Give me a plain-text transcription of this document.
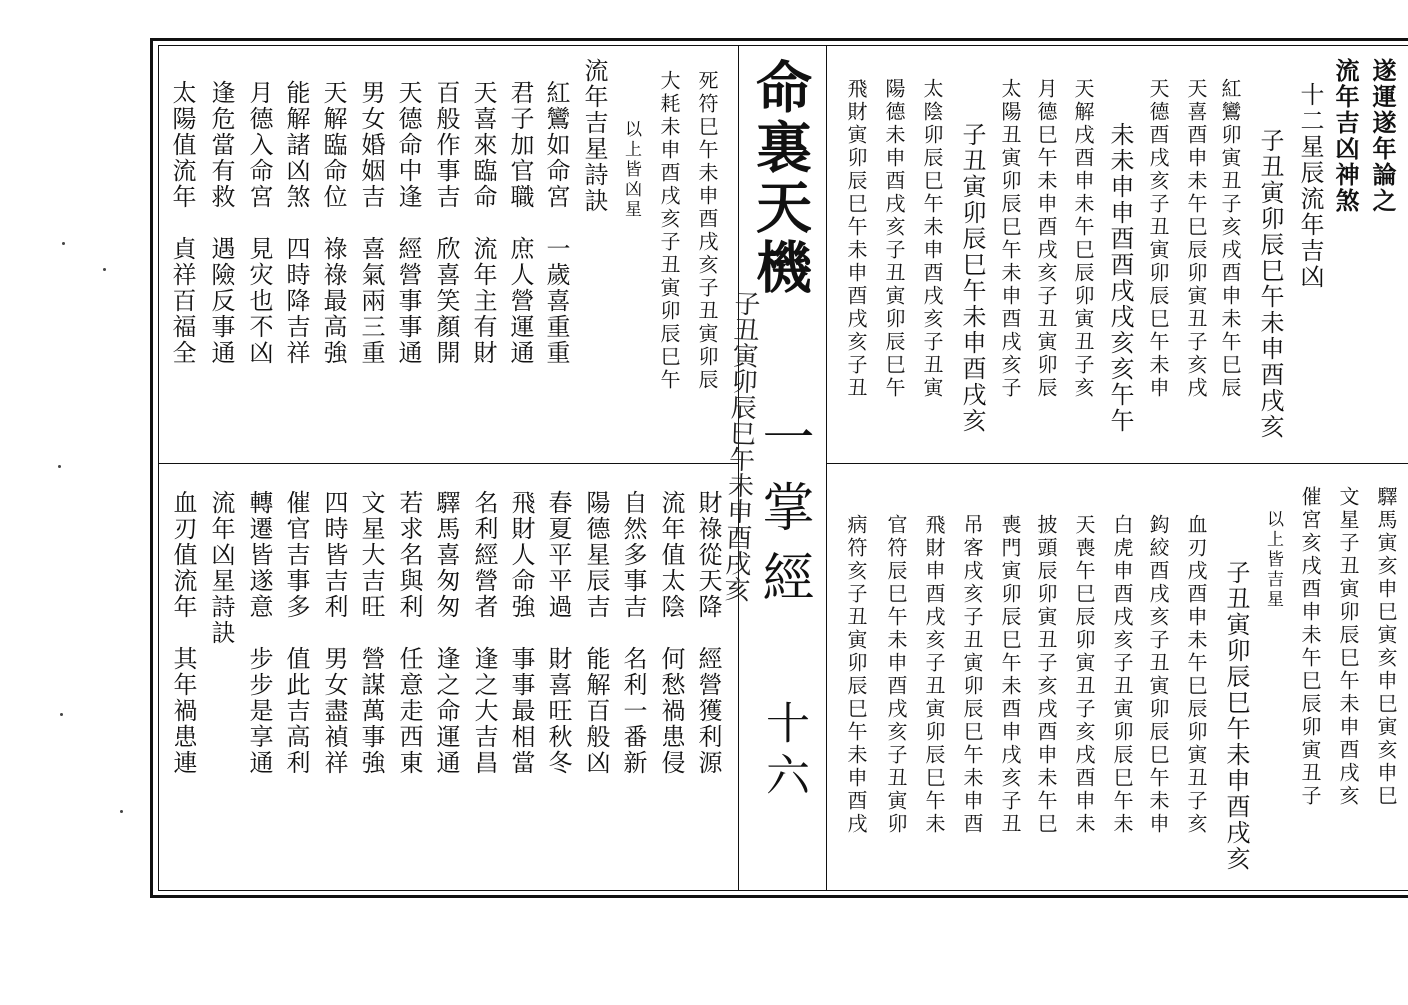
命裏天機
子丑寅卯辰巳午未申酉戌亥
一掌經
十六
遂運遂年論之
流年吉凶神煞
十二星辰流年吉凶
子丑寅卯辰巳午未申酉戌亥
紅鸞卯寅丑子亥戌酉申未午巳辰
天喜酉申未午巳辰卯寅丑子亥戌
天德酉戌亥子丑寅卯辰巳午未申
未未申申酉酉戌戌亥亥午午
天解戌酉申未午巳辰卯寅丑子亥
月德巳午未申酉戌亥子丑寅卯辰
太陽丑寅卯辰巳午未申酉戌亥子
子丑寅卯辰巳午未申酉戌亥
太陰卯辰巳午未申酉戌亥子丑寅
陽德未申酉戌亥子丑寅卯辰巳午
飛財寅卯辰巳午未申酉戌亥子丑
驛馬寅亥申巳寅亥申巳寅亥申巳
文星子丑寅卯辰巳午未申酉戌亥
催宮亥戌酉申未午巳辰卯寅丑子
以上皆吉星
子丑寅卯辰巳午未申酉戌亥
血刃戌酉申未午巳辰卯寅丑子亥
鈎絞酉戌亥子丑寅卯辰巳午未申
白虎申酉戌亥子丑寅卯辰巳午未
天喪午巳辰卯寅丑子亥戌酉申未
披頭辰卯寅丑子亥戌酉申未午巳
喪門寅卯辰巳午未酉申戌亥子丑
吊客戌亥子丑寅卯辰巳午未申酉
飛財申酉戌亥子丑寅卯辰巳午未
官符辰巳午未申酉戌亥子丑寅卯
病符亥子丑寅卯辰巳午未申酉戌
死符巳午未申酉戌亥子丑寅卯辰
大耗未申酉戌亥子丑寅卯辰巳午
以上皆凶星
流年吉星詩訣
紅鸞如命宮　一歲喜重重
君子加官職　庶人營運通
天喜來臨命　流年主有財
百般作事吉　欣喜笑顏開
天德命中逢　經營事事通
男女婚姻吉　喜氣兩三重
天解臨命位　祿祿最高強
能解諸凶煞　四時降吉祥
月德入命宮　見灾也不凶
逢危當有救　遇險反事通
太陽值流年　貞祥百福全
財祿從天降　經營獲利源
流年值太陰　何愁禍患侵
自然多事吉　名利一番新
陽德星辰吉　能解百般凶
春夏平平過　財喜旺秋冬
飛財人命強　事事最相當
名利經營者　逢之大吉昌
驛馬喜匆匆　逢之命運通
若求名與利　任意走西東
文星大吉旺　營謀萬事強
四時皆吉利　男女盡禎祥
催官吉事多　值此吉高利
轉遷皆遂意　步步是享通
流年凶星詩訣
血刃值流年　其年禍患連
